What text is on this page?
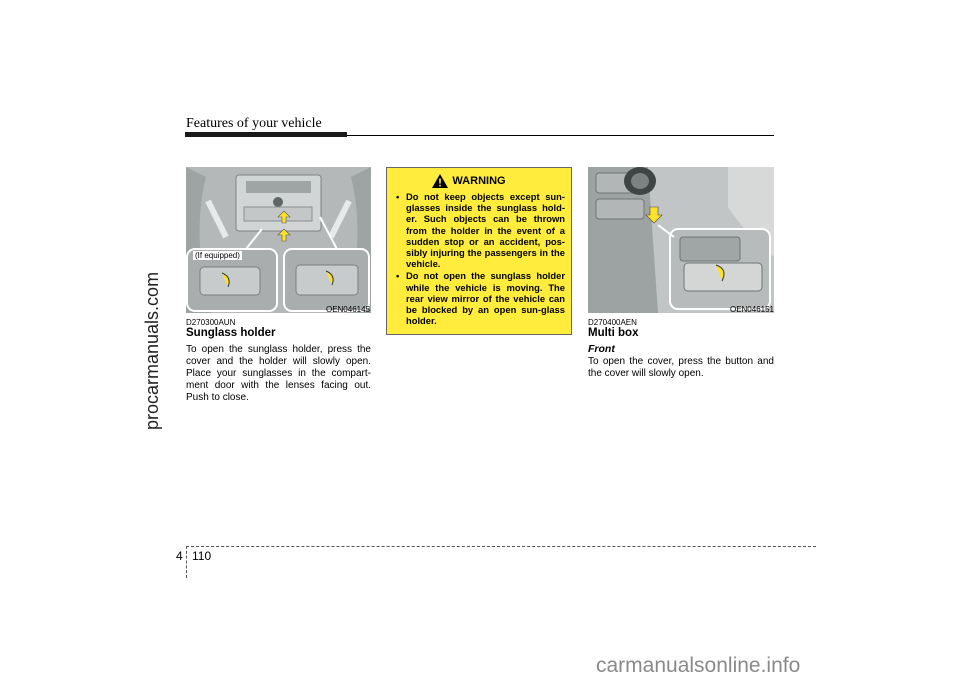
Features of your vehicle
procarmanuals.com
carmanualsonline.info
(If equipped)
OEN046145
D270300AUN
Sunglass holder
To open the sunglass holder, press the cover and the holder will slowly open. Place your sunglasses in the compart-ment door with the lenses facing out. Push to close.
WARNING
• Do not keep objects except sun-glasses inside the sunglass hold-er. Such objects can be thrown from the holder in the event of a sudden stop or an accident, pos-sibly injuring the passengers in the vehicle.
• Do not open the sunglass holder while the vehicle is moving. The rear view mirror of the vehicle can be blocked by an open sun-glass holder.
OEN046151
D270400AEN
Multi box
Front
To open the cover, press the button and the cover will slowly open.
4 110
